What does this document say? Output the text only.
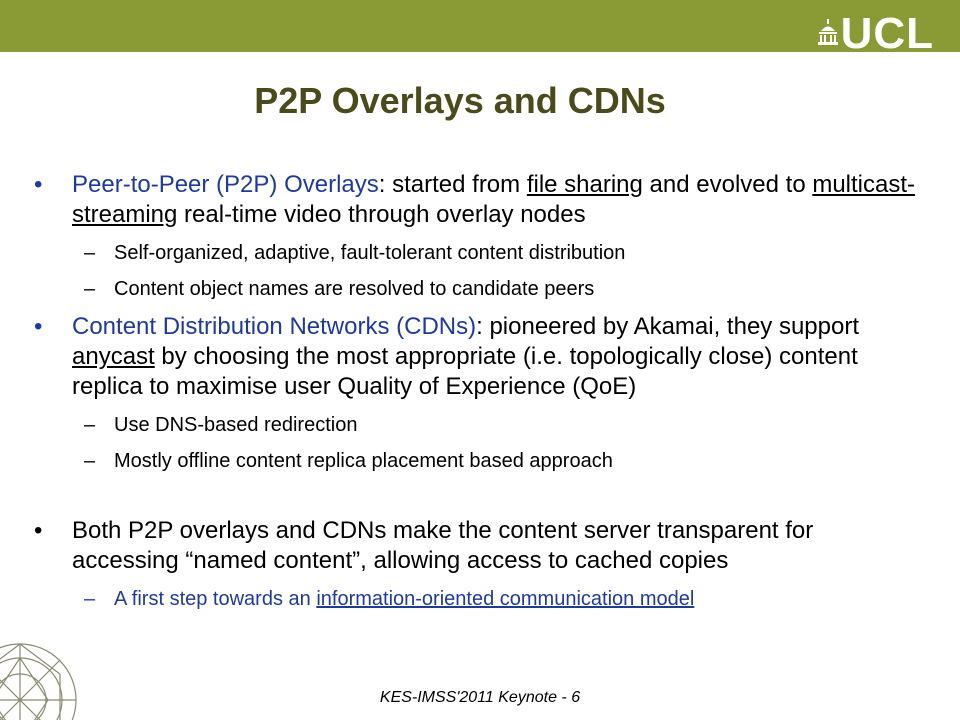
UCL
P2P Overlays and CDNs

• Peer-to-Peer (P2P) Overlays: started from file sharing and evolved to multicast-streaming real-time video through overlay nodes

– Self-organized, adaptive, fault-tolerant content distribution

– Content object names are resolved to candidate peers

• Content Distribution Networks (CDNs): pioneered by Akamai, they support anycast by choosing the most appropriate (i.e. topologically close) content replica to maximise user Quality of Experience (QoE)

– Use DNS-based redirection

– Mostly offline content replica placement based approach

• Both P2P overlays and CDNs make the content server transparent for accessing “named content”, allowing access to cached copies

– A first step towards an information-oriented communication model

KES-IMSS'2011 Keynote - 6
